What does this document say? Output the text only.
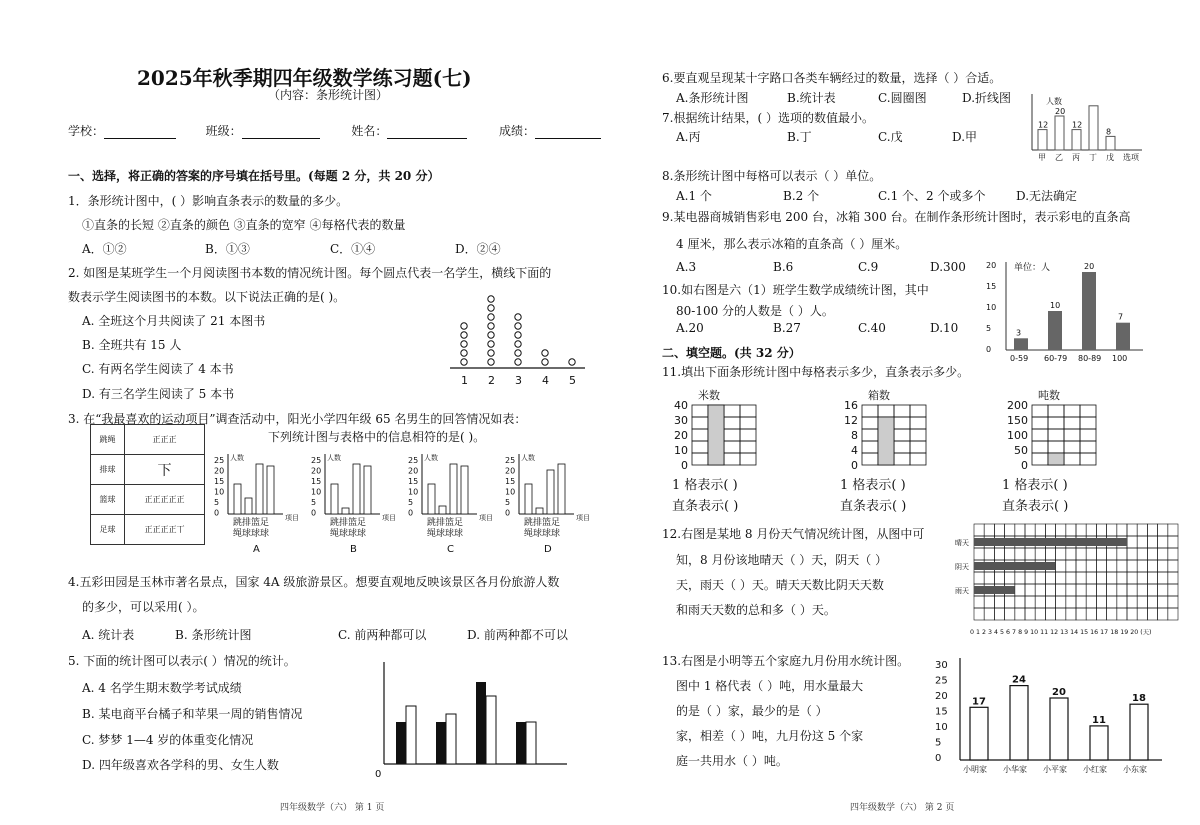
2025年秋季期四年级数学练习题(七)
（内容：条形统计图）
学校：	班级：	姓名：	成绩：
一、选择，将正确的答案的序号填在括号里。(每题 2 分，共 20 分）
1．条形统计图中，( ）影响直条表示的数量的多少。
①直条的长短 ②直条的颜色 ③直条的宽窄 ④每格代表的数量
A．①②	B．①③	C．①④	D．②④
2. 如图是某班学生一个月阅读图书本数的情况统计图。每个圆点代表一名学生，横线下面的
数表示学生阅读图书的本数。以下说法正确的是( )。
A. 全班这个月共阅读了 21 本图书
B. 全班共有 15 人
C. 有两名学生阅读了 4 本书
D. 有三名学生阅读了 5 本书
1 2 3 4 5
3. 在“我最喜欢的运动项目”调查活动中，阳光小学四年级 65 名男生的回答情况如表：
下列统计图与表格中的信息相符的是( )。
跳绳	正正正
排球	下
篮球	正正正正正
足球	正正正正丅
人数
项目
25
20
15
10
5
0
跳排篮足
绳球球球
A
人数
项目
25
20
15
10
5
0
跳排篮足
绳球球球
B
人数
项目
25
20
15
10
5
0
跳排篮足
绳球球球
C
人数
项目
25
20
15
10
5
0
跳排篮足
绳球球球
D
4.五彩田园是玉林市著名景点，国家 4A 级旅游景区。想要直观地反映该景区各月份旅游人数
的多少，可以采用( ）。
A. 统计表	B. 条形统计图	C. 前两种都可以	D. 前两种都不可以
5. 下面的统计图可以表示( ）情况的统计。
A. 4 名学生期末数学考试成绩
B. 某电商平台橘子和苹果一周的销售情况
C. 梦梦 1—4 岁的体重变化情况
D. 四年级喜欢各学科的男、女生人数
0
四年级数学（六） 第 1 页
6.要直观呈现某十字路口各类车辆经过的数量，选择（ ）合适。
A.条形统计图	B.统计表	C.圆圈图	D.折线图
7.根据统计结果，( ）选项的数值最小。
A.丙	B.丁	C.戊	D.甲
人数
12
甲
20
乙
12
丙 丁
8
戊 选项
8.条形统计图中每格可以表示（ ）单位。
A.1 个	B.2 个	C.1 个、2 个或多个	D.无法确定
9.某电器商城销售彩电 200 台，冰箱 300 台。在制作条形统计图时，表示彩电的直条高
4 厘米，那么表示冰箱的直条高（ ）厘米。
A.3	B.6	C.9	D.300
10.如右图是六（1）班学生数学成绩统计图，其中
80-100 分的人数是（ ）人。
A.20	B.27	C.40	D.10
单位：人
20
15
10
5
0
3
0-59
10
60-79
20
80-89
7
100
二、填空题。(共 32 分）
11.填出下面条形统计图中每格表示多少，直条表示多少。
米数
40
30
20
10
0
箱数
16
12
8
4
0
吨数
200
150
100
50
0
1 格表示( )
直条表示( )
1 格表示( )
直条表示( )
1 格表示( )
直条表示( )
12.右图是某地 8 月份天气情况统计图，从图中可
知，8 月份该地晴天（ ）天，阴天（ ）
天，雨天（ ）天。晴天天数比阴天天数
和雨天天数的总和多（ ）天。
0 1 2 3 4 5 6 7 8 9 10 11 12 13 14 15 16 17 18 19 20 (天)
晴天
阴天
雨天
13.右图是小明等五个家庭九月份用水统计图。
图中 1 格代表（ ）吨，用水量最大
的是（ ）家，最少的是（ ）
家，相差（ ）吨，九月份这 5 个家
庭一共用水（ ）吨。
30
25
20
15
10
5
0
17
小明家
24
小华家
20
小平家
11
小红家
18
小东家
四年级数学（六） 第 2 页
